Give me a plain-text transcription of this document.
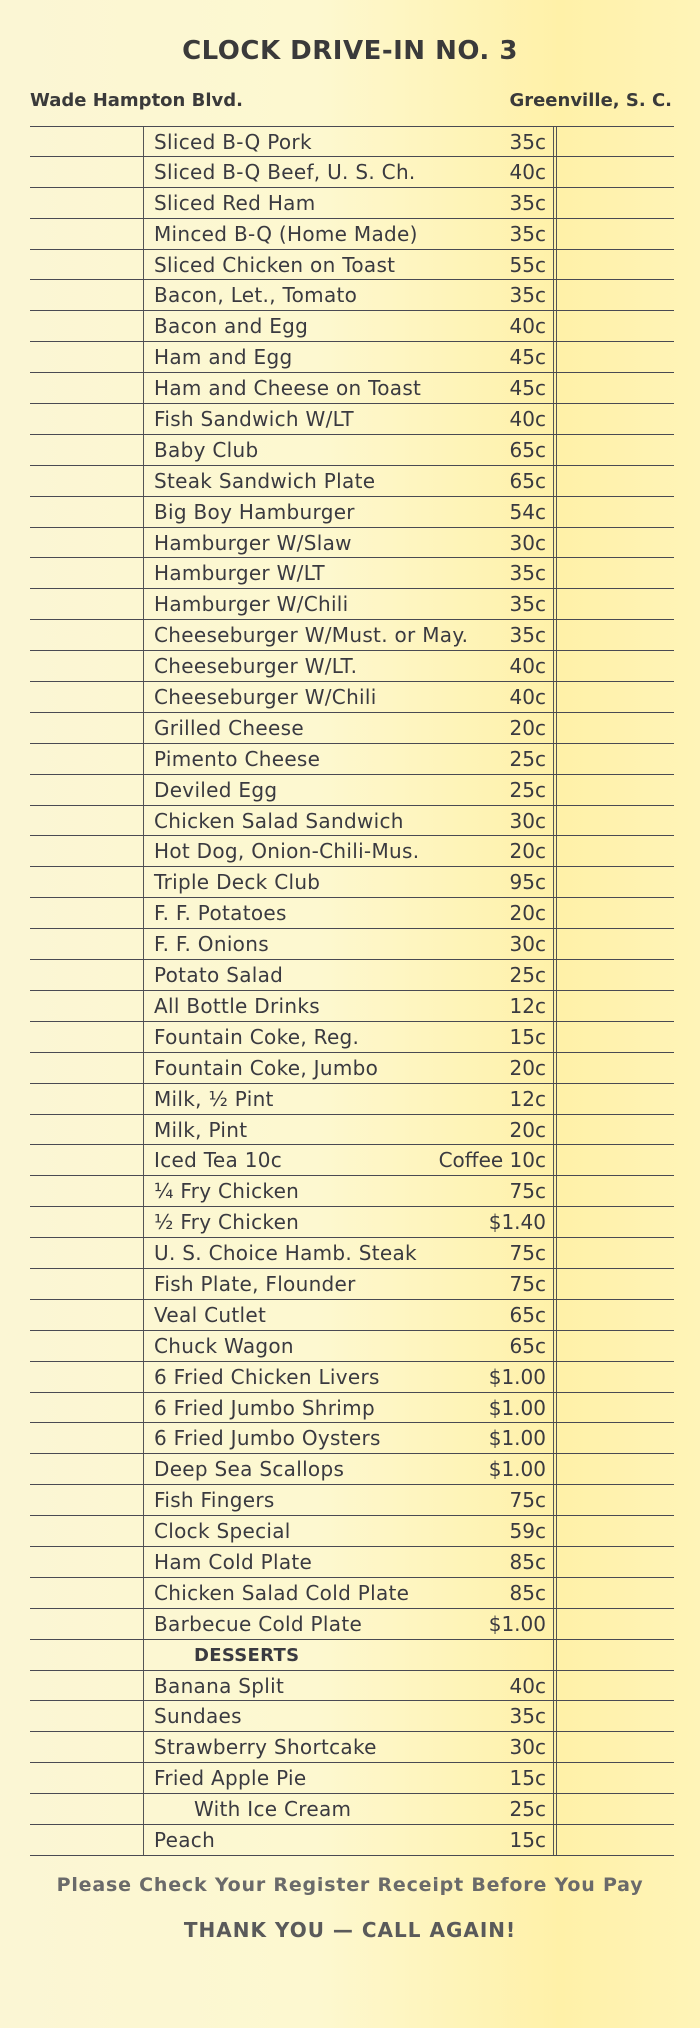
CLOCK DRIVE-IN NO. 3
Wade Hampton Blvd.	Greenville, S. C.
Sliced B-Q Pork	35c
Sliced B-Q Beef, U. S. Ch.	40c
Sliced Red Ham	35c
Minced B-Q (Home Made)	35c
Sliced Chicken on Toast	55c
Bacon, Let., Tomato	35c
Bacon and Egg	40c
Ham and Egg	45c
Ham and Cheese on Toast	45c
Fish Sandwich W/LT	40c
Baby Club	65c
Steak Sandwich Plate	65c
Big Boy Hamburger	54c
Hamburger W/Slaw	30c
Hamburger W/LT	35c
Hamburger W/Chili	35c
Cheeseburger W/Must. or May. 35c
Cheeseburger W/LT.	40c
Cheeseburger W/Chili	40c
Grilled Cheese	20c
Pimento Cheese	25c
Deviled Egg	25c
Chicken Salad Sandwich	30c
Hot Dog, Onion-Chili-Mus.	20c
Triple Deck Club	95c
F. F. Potatoes	20c
F. F. Onions	30c
Potato Salad	25c
All Bottle Drinks	12c
Fountain Coke, Reg.	15c
Fountain Coke, Jumbo	20c
Milk, ½ Pint	12c
Milk, Pint	20c
Iced Tea 10c	Coffee 10c
¼ Fry Chicken	75c
½ Fry Chicken	$1.40
U. S. Choice Hamb. Steak	75c
Fish Plate, Flounder	75c
Veal Cutlet	65c
Chuck Wagon	65c
6 Fried Chicken Livers	$1.00
6 Fried Jumbo Shrimp	$1.00
6 Fried Jumbo Oysters	$1.00
Deep Sea Scallops	$1.00
Fish Fingers	75c
Clock Special	59c
Ham Cold Plate	85c
Chicken Salad Cold Plate	85c
Barbecue Cold Plate	$1.00
DESSERTS
Banana Split	40c
Sundaes	35c
Strawberry Shortcake	30c
Fried Apple Pie	15c
With Ice Cream	25c
Peach	15c
Please Check Your Register Receipt Before You Pay
THANK YOU — CALL AGAIN!
